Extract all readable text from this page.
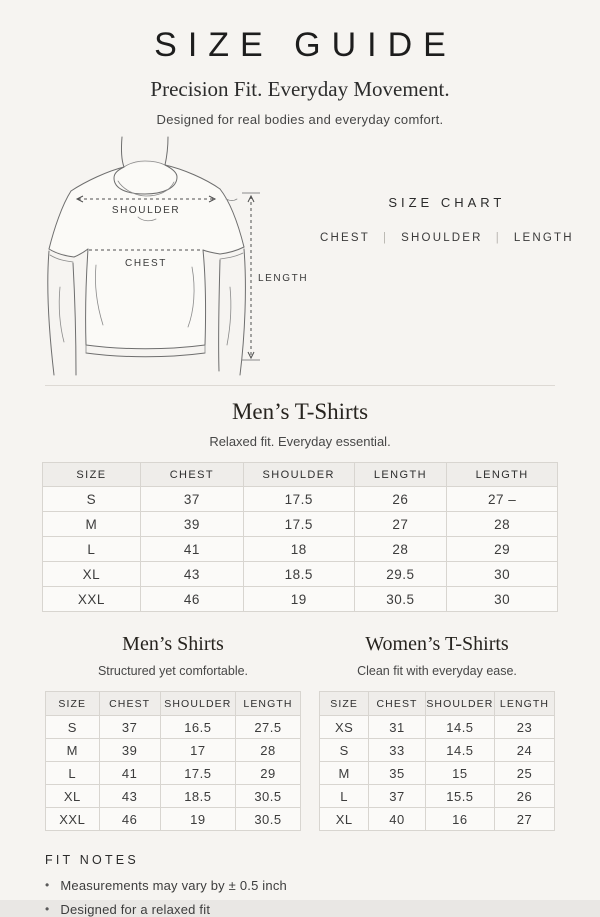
SIZE GUIDE
Precision Fit. Everyday Movement.
Designed for real bodies and everyday comfort.
SHOULDER
CHEST
LENGTH
SIZE CHART
CHEST | SHOULDER | LENGTH
Men’s T-Shirts
Relaxed fit. Everyday essential.
SIZE	CHEST	SHOULDER	LENGTH	LENGTH
S	37	17.5	26	27 –
M	39	17.5	27	28
L	41	18	28	29
XL	43	18.5	29.5	30
XXL	46	19	30.5	30
Men’s Shirts
Structured yet comfortable.
SIZE	CHEST	SHOULDER	LENGTH
S	37	16.5	27.5
M	39	17	28
L	41	17.5	29
XL	43	18.5	30.5
XXL	46	19	30.5
Women’s T-Shirts
Clean fit with everyday ease.
SIZE	CHEST	SHOULDER	LENGTH
XS	31	14.5	23
S	33	14.5	24
M	35	15	25
L	37	15.5	26
XL	40	16	27
FIT NOTES
• Measurements may vary by ± 0.5 inch
• Designed for a relaxed fit
